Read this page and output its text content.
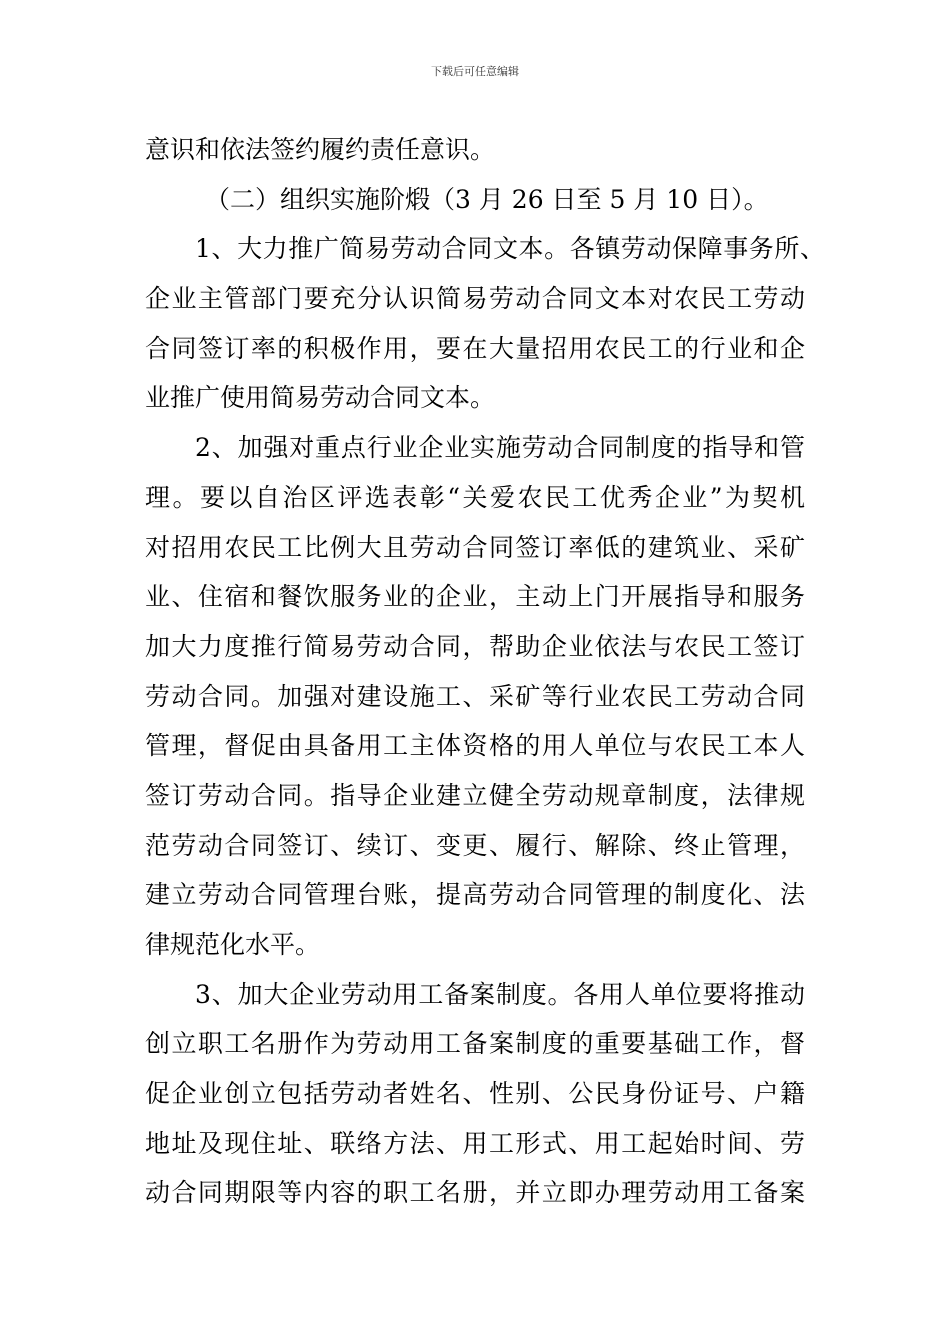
下载后可任意编辑
意识和依法签约履约责任意识。
（二）组织实施阶煅（3 月 26 日至 5 月 10 日）。
1、大力推广简易劳动合同文本。各镇劳动保障事务所、
企业主管部门要充分认识简易劳动合同文本对农民工劳动
合同签订率的积极作用，要在大量招用农民工的行业和企
业推广使用简易劳动合同文本。
2、加强对重点行业企业实施劳动合同制度的指导和管
理。要以自治区评选表彰“关爱农民工优秀企业”为契机
对招用农民工比例大且劳动合同签订率低的建筑业、采矿
业、住宿和餐饮服务业的企业，主动上门开展指导和服务
加大力度推行简易劳动合同，帮助企业依法与农民工签订
劳动合同。加强对建设施工、采矿等行业农民工劳动合同
管理，督促由具备用工主体资格的用人单位与农民工本人
签订劳动合同。指导企业建立健全劳动规章制度，法律规
范劳动合同签订、续订、变更、履行、解除、终止管理，
建立劳动合同管理台账，提高劳动合同管理的制度化、法
律规范化水平。
3、加大企业劳动用工备案制度。各用人单位要将推动
创立职工名册作为劳动用工备案制度的重要基础工作，督
促企业创立包括劳动者姓名、性别、公民身份证号、户籍
地址及现住址、联络方法、用工形式、用工起始时间、劳
动合同期限等内容的职工名册，并立即办理劳动用工备案
